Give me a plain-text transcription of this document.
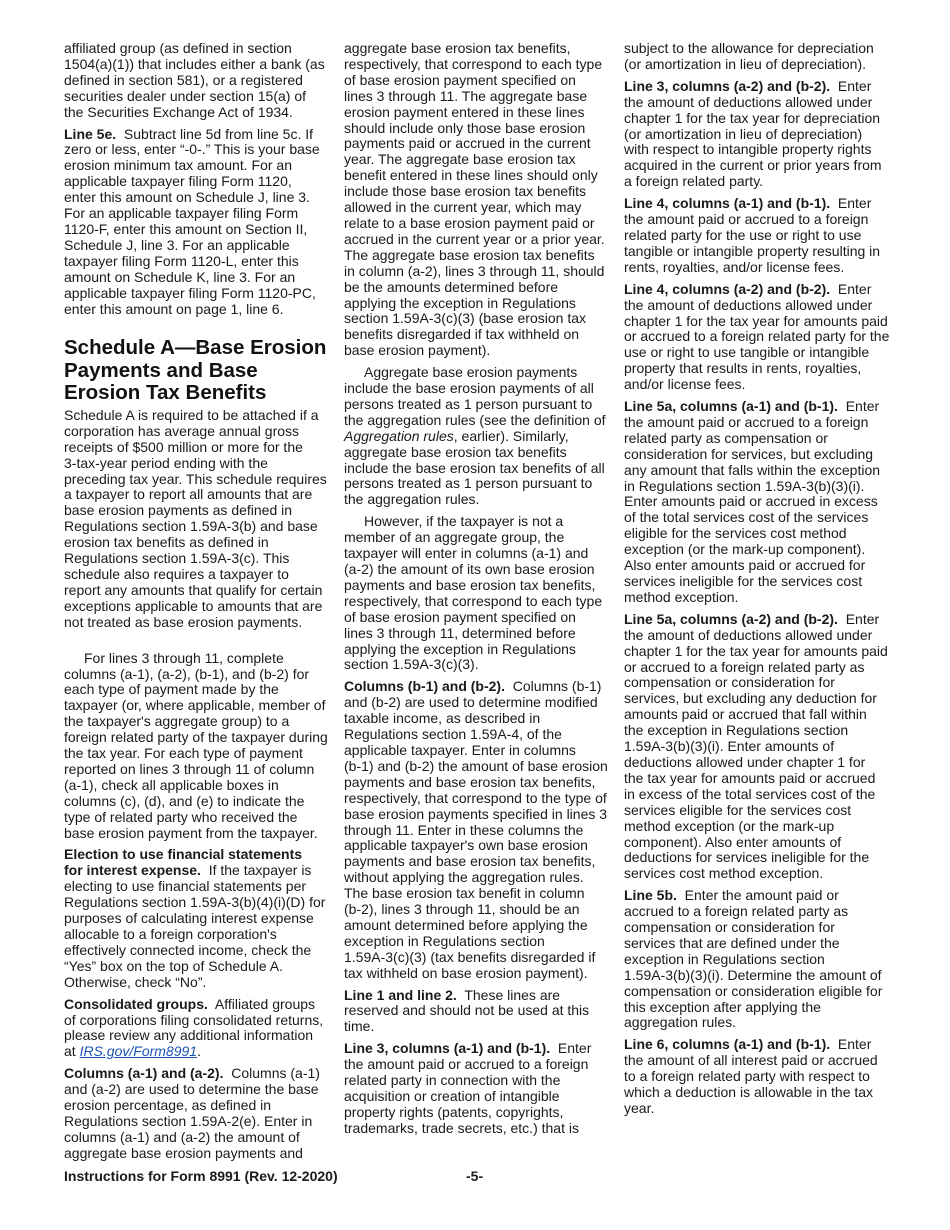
affiliated group (as defined in section
1504(a)(1)) that includes either a bank (as
defined in section 581), or a registered
securities dealer under section 15(a) of
the Securities Exchange Act of 1934.
Line 5e.  Subtract line 5d from line 5c. If
zero or less, enter “-0-.” This is your base
erosion minimum tax amount. For an
applicable taxpayer filing Form 1120,
enter this amount on Schedule J, line 3.
For an applicable taxpayer filing Form
1120-F, enter this amount on Section II,
Schedule J, line 3. For an applicable
taxpayer filing Form 1120-L, enter this
amount on Schedule K, line 3. For an
applicable taxpayer filing Form 1120-PC,
enter this amount on page 1, line 6.
Schedule A—Base Erosion
Payments and Base
Erosion Tax Benefits
Schedule A is required to be attached if a
corporation has average annual gross
receipts of $500 million or more for the
3-tax-year period ending with the
preceding tax year. This schedule requires
a taxpayer to report all amounts that are
base erosion payments as defined in
Regulations section 1.59A-3(b) and base
erosion tax benefits as defined in
Regulations section 1.59A-3(c). This
schedule also requires a taxpayer to
report any amounts that qualify for certain
exceptions applicable to amounts that are
not treated as base erosion payments.
For lines 3 through 11, complete
columns (a-1), (a-2), (b-1), and (b-2) for
each type of payment made by the
taxpayer (or, where applicable, member of
the taxpayer's aggregate group) to a
foreign related party of the taxpayer during
the tax year. For each type of payment
reported on lines 3 through 11 of column
(a-1), check all applicable boxes in
columns (c), (d), and (e) to indicate the
type of related party who received the
base erosion payment from the taxpayer.
Election to use financial statements
for interest expense.  If the taxpayer is
electing to use financial statements per
Regulations section 1.59A-3(b)(4)(i)(D) for
purposes of calculating interest expense
allocable to a foreign corporation's
effectively connected income, check the
“Yes” box on the top of Schedule A.
Otherwise, check “No”.
Consolidated groups.  Affiliated groups
of corporations filing consolidated returns,
please review any additional information
at IRS.gov/Form8991.
Columns (a-1) and (a-2).  Columns (a-1)
and (a-2) are used to determine the base
erosion percentage, as defined in
Regulations section 1.59A-2(e). Enter in
columns (a-1) and (a-2) the amount of
aggregate base erosion payments and
aggregate base erosion tax benefits,
respectively, that correspond to each type
of base erosion payment specified on
lines 3 through 11. The aggregate base
erosion payment entered in these lines
should include only those base erosion
payments paid or accrued in the current
year. The aggregate base erosion tax
benefit entered in these lines should only
include those base erosion tax benefits
allowed in the current year, which may
relate to a base erosion payment paid or
accrued in the current year or a prior year.
The aggregate base erosion tax benefits
in column (a-2), lines 3 through 11, should
be the amounts determined before
applying the exception in Regulations
section 1.59A-3(c)(3) (base erosion tax
benefits disregarded if tax withheld on
base erosion payment).
Aggregate base erosion payments
include the base erosion payments of all
persons treated as 1 person pursuant to
the aggregation rules (see the definition of
Aggregation rules, earlier). Similarly,
aggregate base erosion tax benefits
include the base erosion tax benefits of all
persons treated as 1 person pursuant to
the aggregation rules.
However, if the taxpayer is not a
member of an aggregate group, the
taxpayer will enter in columns (a-1) and
(a-2) the amount of its own base erosion
payments and base erosion tax benefits,
respectively, that correspond to each type
of base erosion payment specified on
lines 3 through 11, determined before
applying the exception in Regulations
section 1.59A-3(c)(3).
Columns (b-1) and (b-2).  Columns (b-1)
and (b-2) are used to determine modified
taxable income, as described in
Regulations section 1.59A-4, of the
applicable taxpayer. Enter in columns
(b-1) and (b-2) the amount of base erosion
payments and base erosion tax benefits,
respectively, that correspond to the type of
base erosion payments specified in lines 3
through 11. Enter in these columns the
applicable taxpayer's own base erosion
payments and base erosion tax benefits,
without applying the aggregation rules.
The base erosion tax benefit in column
(b-2), lines 3 through 11, should be an
amount determined before applying the
exception in Regulations section
1.59A-3(c)(3) (tax benefits disregarded if
tax withheld on base erosion payment).
Line 1 and line 2.  These lines are
reserved and should not be used at this
time.
Line 3, columns (a-1) and (b-1).  Enter
the amount paid or accrued to a foreign
related party in connection with the
acquisition or creation of intangible
property rights (patents, copyrights,
trademarks, trade secrets, etc.) that is
subject to the allowance for depreciation
(or amortization in lieu of depreciation).
Line 3, columns (a-2) and (b-2).  Enter
the amount of deductions allowed under
chapter 1 for the tax year for depreciation
(or amortization in lieu of depreciation)
with respect to intangible property rights
acquired in the current or prior years from
a foreign related party.
Line 4, columns (a-1) and (b-1).  Enter
the amount paid or accrued to a foreign
related party for the use or right to use
tangible or intangible property resulting in
rents, royalties, and/or license fees.
Line 4, columns (a-2) and (b-2).  Enter
the amount of deductions allowed under
chapter 1 for the tax year for amounts paid
or accrued to a foreign related party for the
use or right to use tangible or intangible
property that results in rents, royalties,
and/or license fees.
Line 5a, columns (a-1) and (b-1).  Enter
the amount paid or accrued to a foreign
related party as compensation or
consideration for services, but excluding
any amount that falls within the exception
in Regulations section 1.59A-3(b)(3)(i).
Enter amounts paid or accrued in excess
of the total services cost of the services
eligible for the services cost method
exception (or the mark-up component).
Also enter amounts paid or accrued for
services ineligible for the services cost
method exception.
Line 5a, columns (a-2) and (b-2).  Enter
the amount of deductions allowed under
chapter 1 for the tax year for amounts paid
or accrued to a foreign related party as
compensation or consideration for
services, but excluding any deduction for
amounts paid or accrued that fall within
the exception in Regulations section
1.59A-3(b)(3)(i). Enter amounts of
deductions allowed under chapter 1 for
the tax year for amounts paid or accrued
in excess of the total services cost of the
services eligible for the services cost
method exception (or the mark-up
component). Also enter amounts of
deductions for services ineligible for the
services cost method exception.
Line 5b.  Enter the amount paid or
accrued to a foreign related party as
compensation or consideration for
services that are defined under the
exception in Regulations section
1.59A-3(b)(3)(i). Determine the amount of
compensation or consideration eligible for
this exception after applying the
aggregation rules.
Line 6, columns (a-1) and (b-1).  Enter
the amount of all interest paid or accrued
to a foreign related party with respect to
which a deduction is allowable in the tax
year.
Instructions for Form 8991 (Rev. 12-2020)	-5-
